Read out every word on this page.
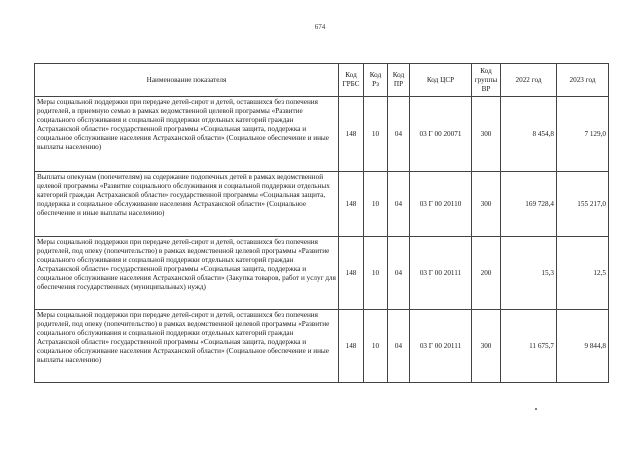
674
Наименование показателя	Код ГРБС	Код Рз	Код ПР	Код ЦСР	Код группы ВР	2022 год	2023 год
Меры социальной поддержки при передаче детей-сирот и детей, оставшихся без попечения родителей, в приемную семью в рамках ведомственной целевой программы «Развитие социального обслуживания и социальной поддержки отдельных категорий граждан Астраханской области» государственной программы «Социальная защита, поддержка и социальное обслуживание населения Астраханской области» (Социальное обеспечение и иные выплаты населению)	148	10	04	03 Г 00 20071	300	8 454,8	7 129,0
Выплаты опекунам (попечителям) на содержание подопечных детей в рамках ведомственной целевой программы «Развитие социального обслуживания и социальной поддержки отдельных категорий граждан Астраханской области» государственной программы «Социальная защита, поддержка и социальное обслуживание населения Астраханской области» (Социальное обеспечение и иные выплаты населению)	148	10	04	03 Г 00 20110	300	169 728,4	155 217,0
Меры социальной поддержки при передаче детей-сирот и детей, оставшихся без попечения родителей, под опеку (попечительство) в рамках ведомственной целевой программы «Развитие социального обслуживания и социальной поддержки отдельных категорий граждан Астраханской области» государственной программы «Социальная защита, поддержка и социальное обслуживание населения Астраханской области» (Закупка товаров, работ и услуг для обеспечения государственных (муниципальных) нужд)	148	10	04	03 Г 00 20111	200	15,3	12,5
Меры социальной поддержки при передаче детей-сирот и детей, оставшихся без попечения родителей, под опеку (попечительство) в рамках ведомственной целевой программы «Развитие социального обслуживания и социальной поддержки отдельных категорий граждан Астраханской области» государственной программы «Социальная защита, поддержка и социальное обслуживание населения Астраханской области» (Социальное обеспечение и иные выплаты населению)	148	10	04	03 Г 00 20111	300	11 675,7	9 844,8
